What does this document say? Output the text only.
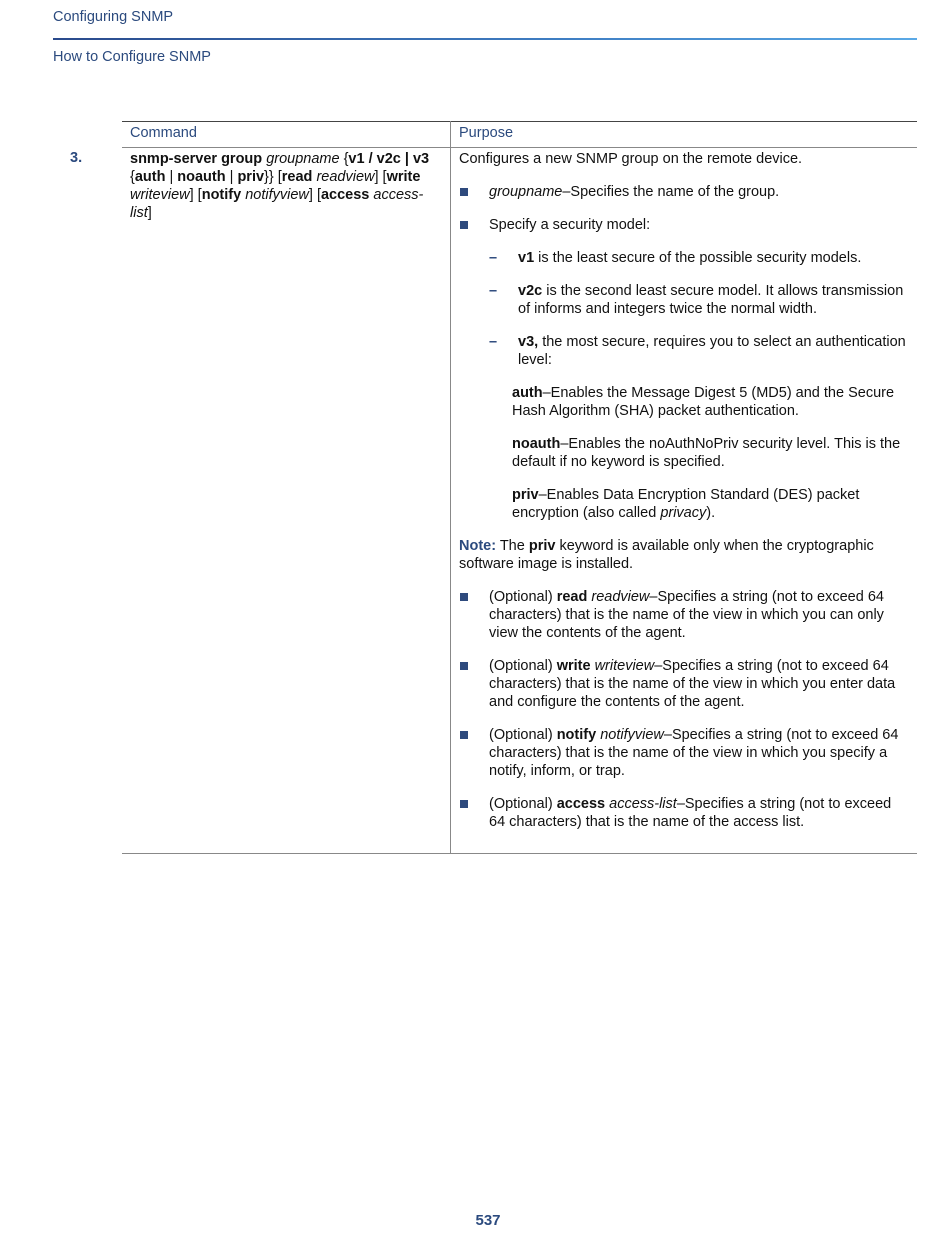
Configuring SNMP
How to Configure SNMP
Command	Purpose
3.	snmp-server group groupname {v1 / v2c | v3 {auth | noauth | priv}} [read readview] [write writeview] [notify notifyview] [access access-list]
Configures a new SNMP group on the remote device.
groupname–Specifies the name of the group.
Specify a security model:
– v1 is the least secure of the possible security models.
– v2c is the second least secure model. It allows transmission of informs and integers twice the normal width.
– v3, the most secure, requires you to select an authentication level:
auth–Enables the Message Digest 5 (MD5) and the Secure Hash Algorithm (SHA) packet authentication.
noauth–Enables the noAuthNoPriv security level. This is the default if no keyword is specified.
priv–Enables Data Encryption Standard (DES) packet encryption (also called privacy).
Note: The priv keyword is available only when the cryptographic software image is installed.
(Optional) read readview–Specifies a string (not to exceed 64 characters) that is the name of the view in which you can only view the contents of the agent.
(Optional) write writeview–Specifies a string (not to exceed 64 characters) that is the name of the view in which you enter data and configure the contents of the agent.
(Optional) notify notifyview–Specifies a string (not to exceed 64 characters) that is the name of the view in which you specify a notify, inform, or trap.
(Optional) access access-list–Specifies a string (not to exceed 64 characters) that is the name of the access list.
537
